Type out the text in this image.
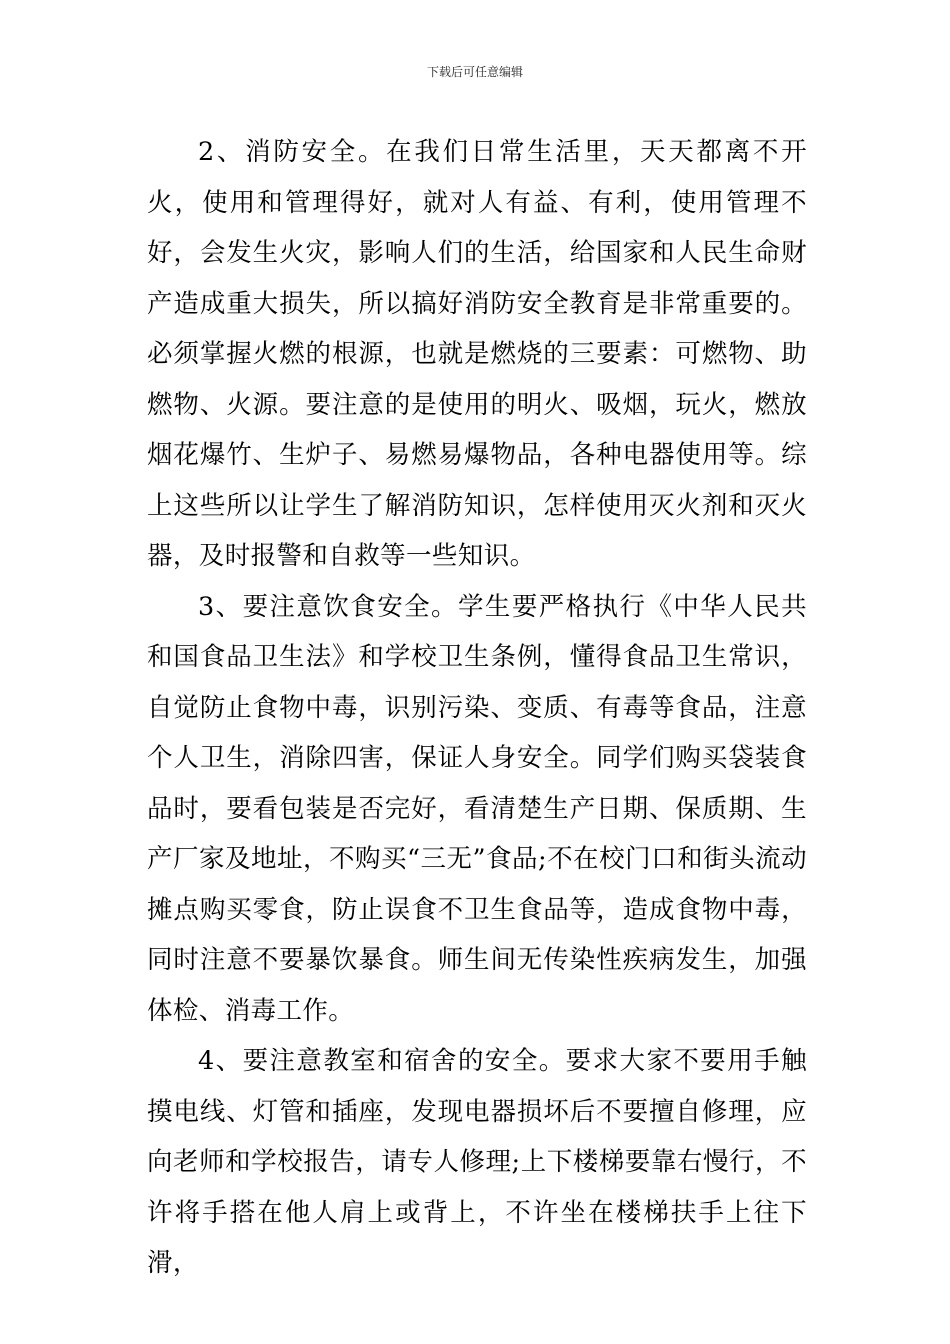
下载后可任意编辑

2、消防安全。在我们日常生活里，天天都离不开火，使用和管理得好，就对人有益、有利，使用管理不好，会发生火灾，影响人们的生活，给国家和人民生命财产造成重大损失，所以搞好消防安全教育是非常重要的。必须掌握火燃的根源，也就是燃烧的三要素：可燃物、助燃物、火源。要注意的是使用的明火、吸烟，玩火，燃放烟花爆竹、生炉子、易燃易爆物品，各种电器使用等。综上这些所以让学生了解消防知识，怎样使用灭火剂和灭火器，及时报警和自救等一些知识。

3、要注意饮食安全。学生要严格执行《中华人民共和国食品卫生法》和学校卫生条例，懂得食品卫生常识，自觉防止食物中毒，识别污染、变质、有毒等食品，注意个人卫生，消除四害，保证人身安全。同学们购买袋装食品时，要看包装是否完好，看清楚生产日期、保质期、生产厂家及地址，不购买“三无”食品;不在校门口和街头流动摊点购买零食，防止误食不卫生食品等，造成食物中毒，同时注意不要暴饮暴食。师生间无传染性疾病发生，加强体检、消毒工作。

4、要注意教室和宿舍的安全。要求大家不要用手触摸电线、灯管和插座，发现电器损坏后不要擅自修理，应向老师和学校报告，请专人修理;上下楼梯要靠右慢行，不许将手搭在他人肩上或背上，不许坐在楼梯扶手上往下滑，
